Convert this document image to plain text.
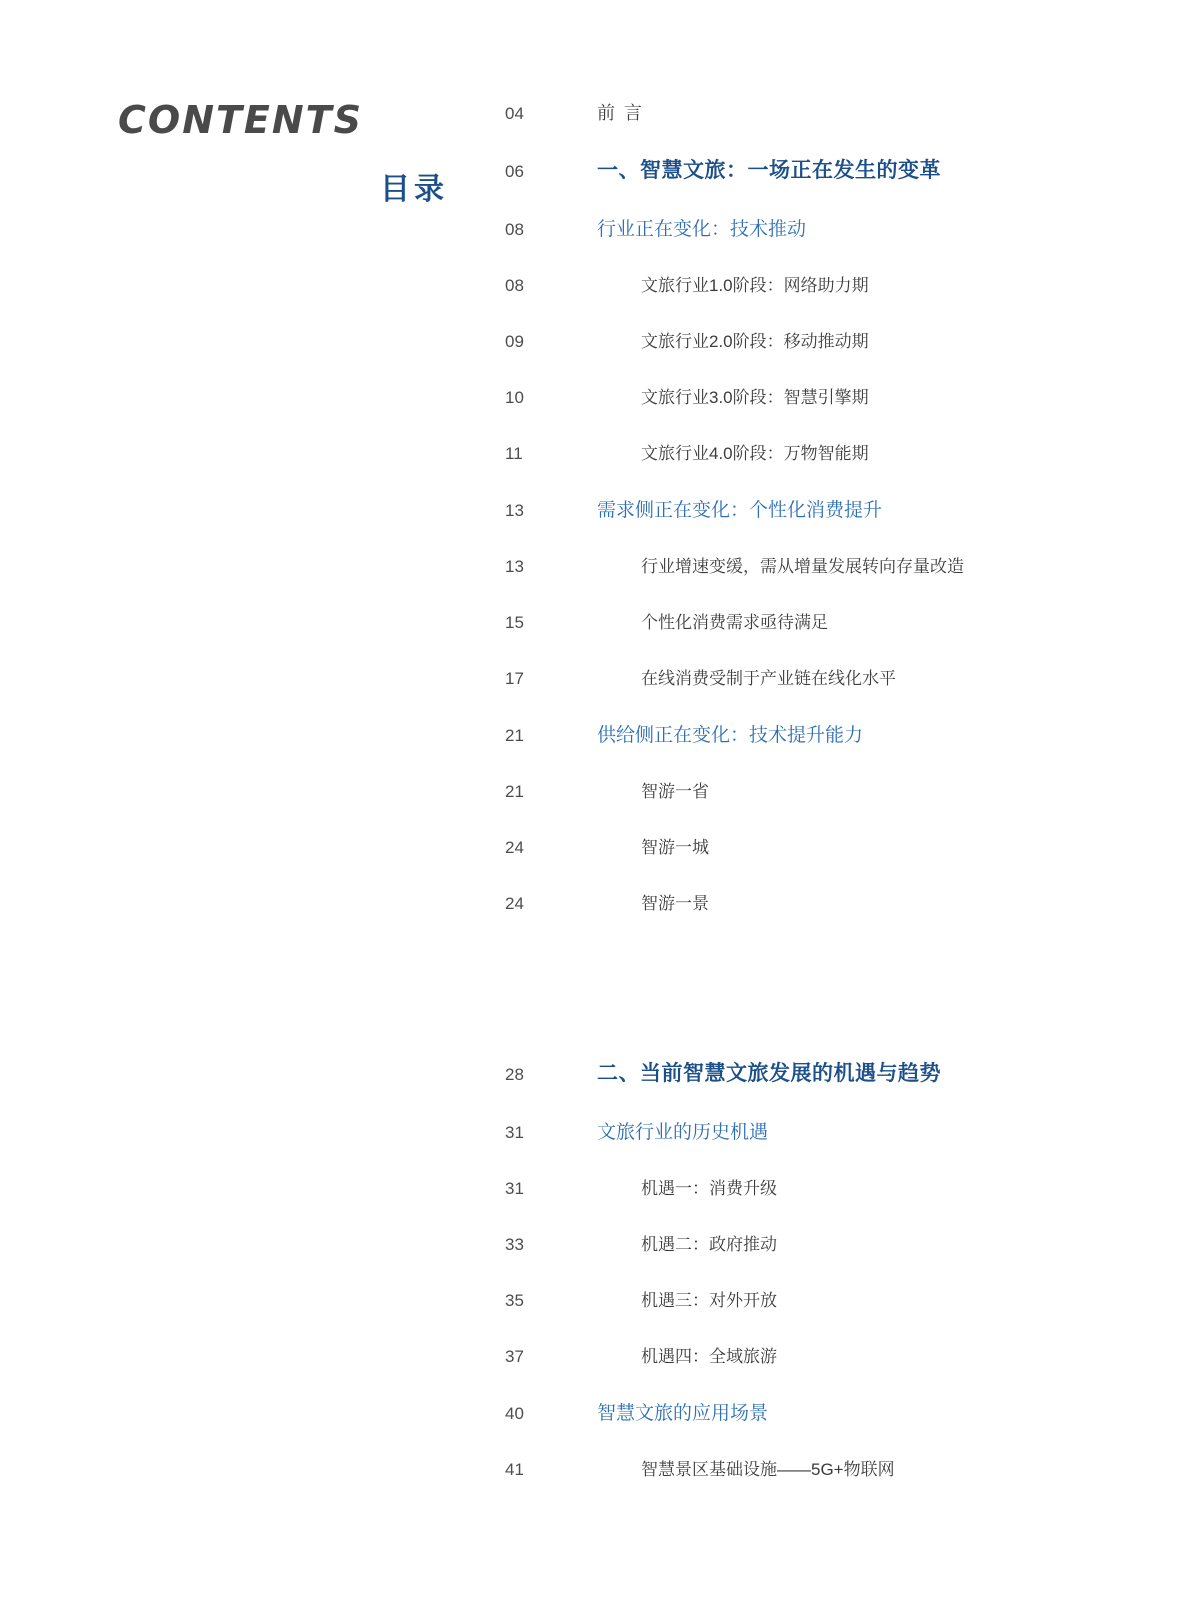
CONTENTS
目录
04	前 言
06	一、智慧文旅：一场正在发生的变革
08	行业正在变化：技术推动
08	文旅行业1.0阶段：网络助力期
09	文旅行业2.0阶段：移动推动期
10	文旅行业3.0阶段：智慧引擎期
11	文旅行业4.0阶段：万物智能期
13	需求侧正在变化：个性化消费提升
13	行业增速变缓，需从增量发展转向存量改造
15	个性化消费需求亟待满足
17	在线消费受制于产业链在线化水平
21	供给侧正在变化：技术提升能力
21	智游一省
24	智游一城
24	智游一景
28	二、当前智慧文旅发展的机遇与趋势
31	文旅行业的历史机遇
31	机遇一：消费升级
33	机遇二：政府推动
35	机遇三：对外开放
37	机遇四：全域旅游
40	智慧文旅的应用场景
41	智慧景区基础设施——5G+物联网
